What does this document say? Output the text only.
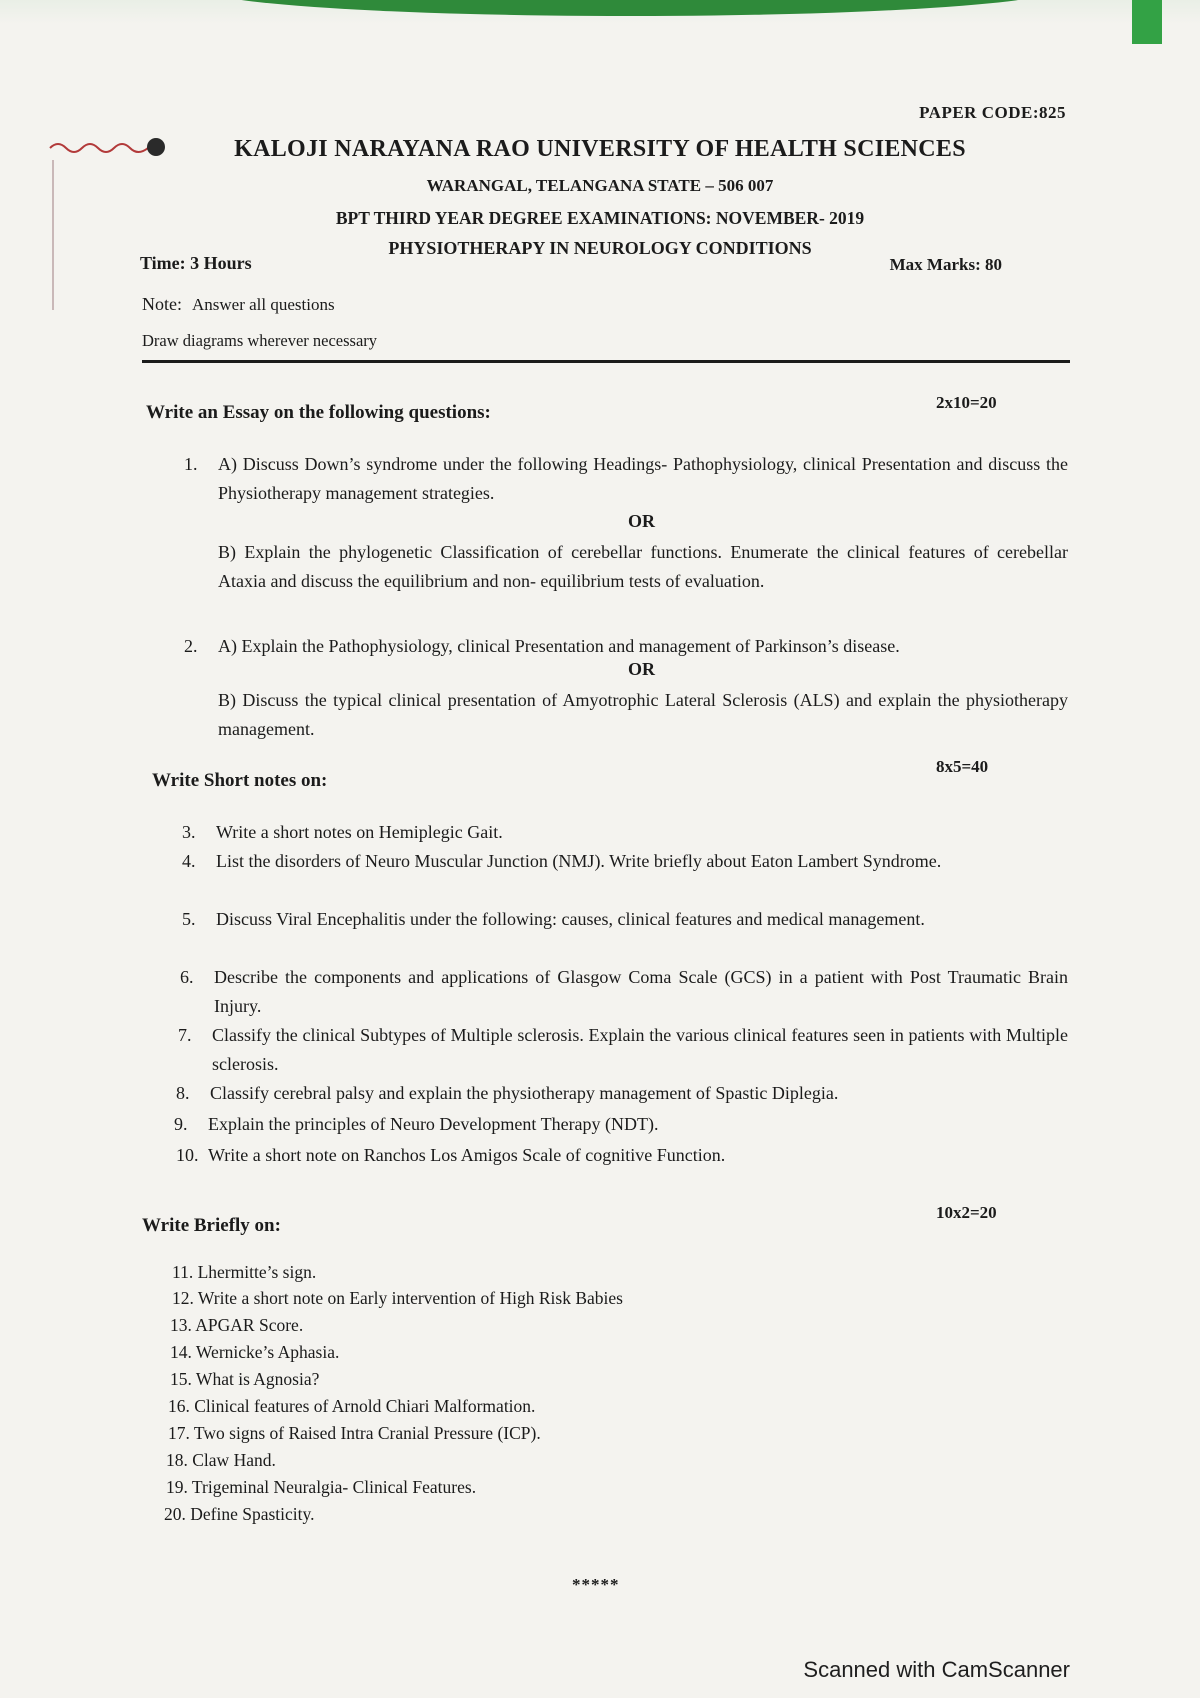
PAPER CODE:825
KALOJI NARAYANA RAO UNIVERSITY OF HEALTH SCIENCES
WARANGAL, TELANGANA STATE – 506 007
BPT THIRD YEAR DEGREE EXAMINATIONS: NOVEMBER- 2019
PHYSIOTHERAPY IN NEUROLOGY CONDITIONS
Time: 3 Hours	Max Marks: 80
Note: Answer all questions
Draw diagrams wherever necessary
Write an Essay on the following questions:	2x10=20
1. A) Discuss Down’s syndrome under the following Headings- Pathophysiology, clinical Presentation and discuss the Physiotherapy management strategies.
OR
B) Explain the phylogenetic Classification of cerebellar functions. Enumerate the clinical features of cerebellar Ataxia and discuss the equilibrium and non- equilibrium tests of evaluation.
2. A) Explain the Pathophysiology, clinical Presentation and management of Parkinson’s disease.
OR
B) Discuss the typical clinical presentation of Amyotrophic Lateral Sclerosis (ALS) and explain the physiotherapy management.
Write Short notes on:
8x5=40
3. Write a short notes on Hemiplegic Gait.
4. List the disorders of Neuro Muscular Junction (NMJ). Write briefly about Eaton Lambert Syndrome.
5. Discuss Viral Encephalitis under the following: causes, clinical features and medical management.
6. Describe the components and applications of Glasgow Coma Scale (GCS) in a patient with Post Traumatic Brain Injury.
7. Classify the clinical Subtypes of Multiple sclerosis. Explain the various clinical features seen in patients with Multiple sclerosis.
8. Classify cerebral palsy and explain the physiotherapy management of Spastic Diplegia.
9. Explain the principles of Neuro Development Therapy (NDT).
10. Write a short note on Ranchos Los Amigos Scale of cognitive Function.
Write Briefly on:
10x2=20
11. Lhermitte’s sign.
12. Write a short note on Early intervention of High Risk Babies
13. APGAR Score.
14. Wernicke’s Aphasia.
15. What is Agnosia?
16. Clinical features of Arnold Chiari Malformation.
17. Two signs of Raised Intra Cranial Pressure (ICP).
18. Claw Hand.
19. Trigeminal Neuralgia- Clinical Features.
20. Define Spasticity.
*****
Scanned with CamScanner
